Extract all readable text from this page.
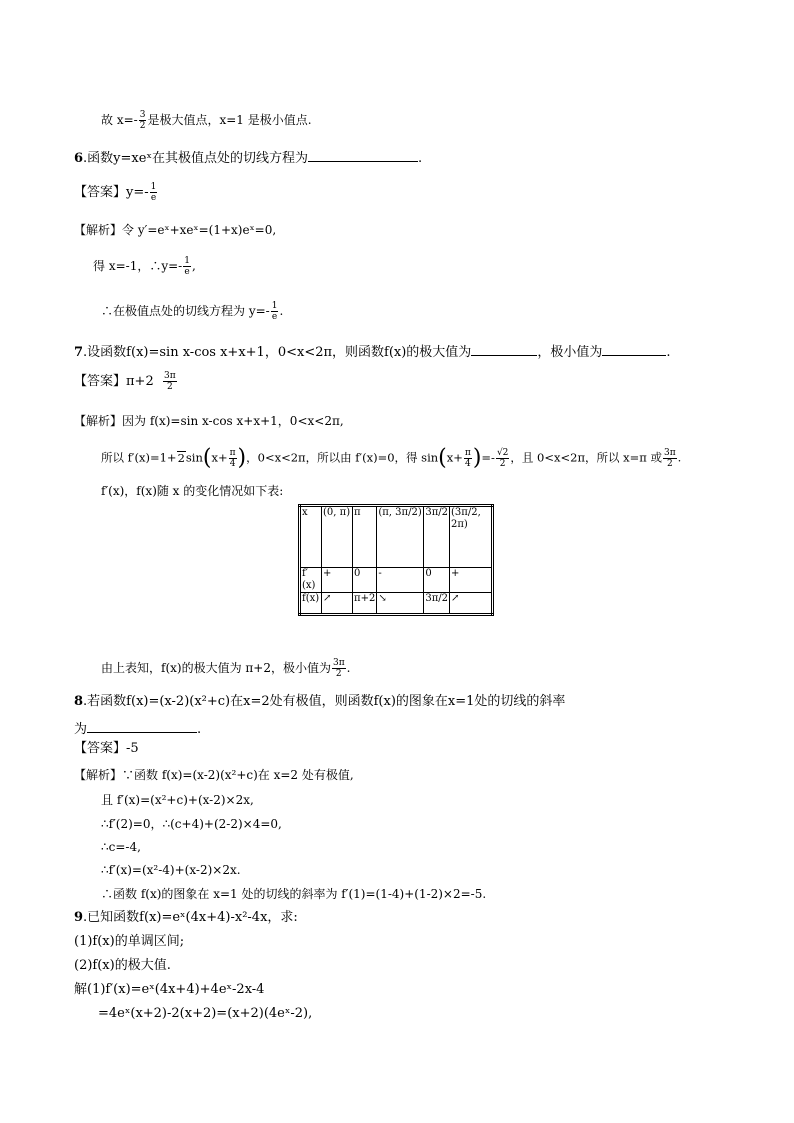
故 $x=- \frac{3}{2}$ 是极大值点，x=1 是极小值点.
6.函数y=xeˣ在其极值点处的切线方程为	.
【答案】$y=- \frac{1}{e}$
【解析】令 y′=eˣ+xeˣ=(1+x)eˣ=0,
得 x=-1，∴y=- $\frac{1}{e}$ ,
∴在极值点处的切线方程为 $y=- \frac{1}{e}$ .
7.设函数f(x)=sin x-cos x+x+1，0<x<2π，则函数f(x)的极大值为	，极小值为	.
【答案】$\pi+2 \frac{3\pi}{2}$
【解析】因为 f(x)=sin x-cos x+x+1，0<x<2π,
所以 $f'(x)=1+2\sin(x+ \frac{\pi}{4}$ )，0<x<2π，所以由 f′(x)=0，得 $\sin(x+ \frac{\pi}{4}$ )=- $\frac{√2}{2}$ ，且 0<x<2π，所以 x=π 或 $\frac{3\pi}{2}$ .
f′(x)，f(x)随 x 的变化情况如下表:
x	(0, π)	π	(π, 3π/2)	3π/2	(3π/2, 2π)
f′(x)	+	0	-	0	+
f(x)	↗	π+2	↘	3π/2	↗
由上表知，f(x)的极大值为 π+2，极小值为 $\frac{3\pi}{2}$ .
8.若函数f(x)=(x-2)(x²+c)在x=2处有极值，则函数f(x)的图象在x=1处的切线的斜率
为	.
【答案】-5
【解析】∵函数 f(x)=(x-2)(x²+c)在 x=2 处有极值,
且 f′(x)=(x²+c)+(x-2)×2x,
∴f′(2)=0，∴(c+4)+(2-2)×4=0,
∴c=-4,
∴f′(x)=(x²-4)+(x-2)×2x.
∴函数 f(x)的图象在 x=1 处的切线的斜率为 f′(1)=(1-4)+(1-2)×2=-5.
9.已知函数f(x)=eˣ(4x+4)-x²-4x，求:
(1)f(x)的单调区间;
(2)f(x)的极大值.
解(1)f′(x)=eˣ(4x+4)+4eˣ-2x-4
=4eˣ(x+2)-2(x+2)=(x+2)(4eˣ-2),
